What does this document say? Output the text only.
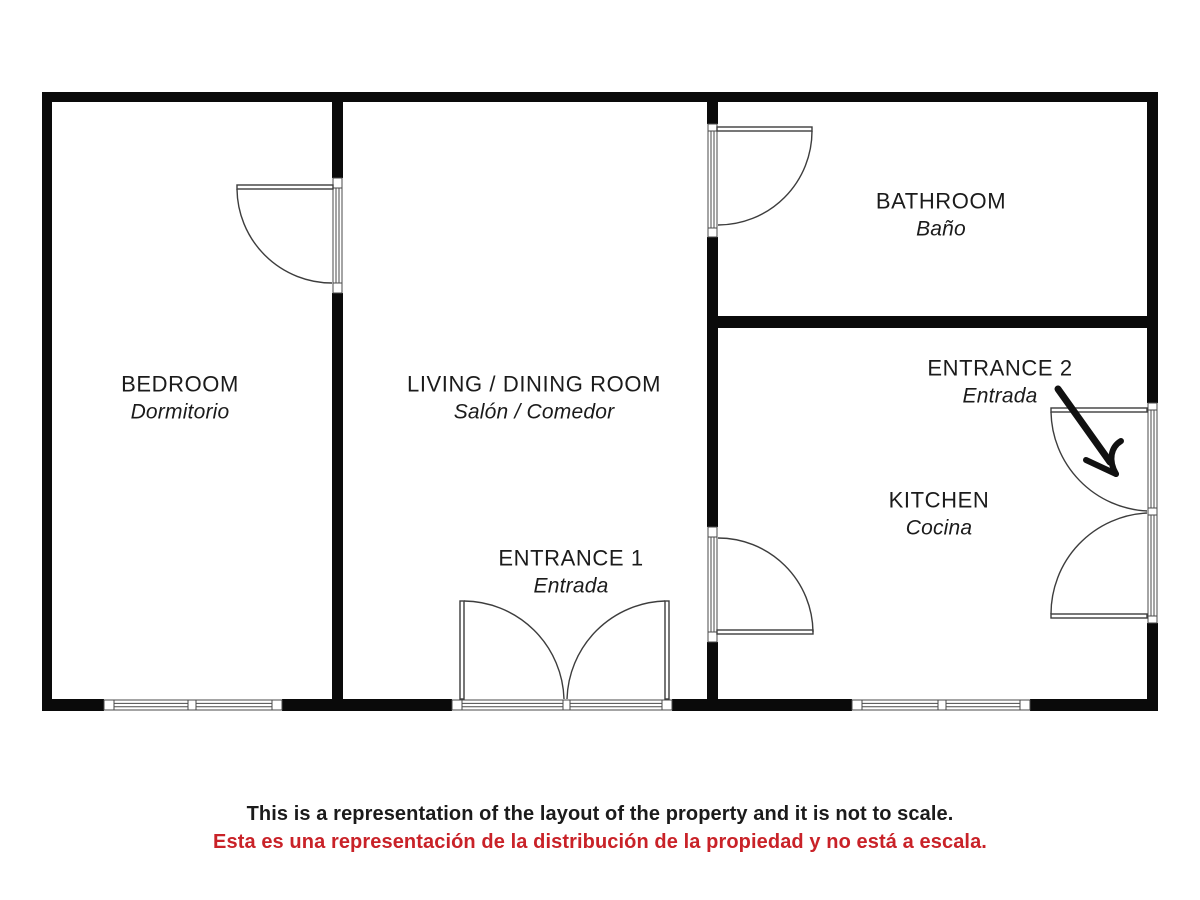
BEDROOM
Dormitorio
LIVING / DINING ROOM
Salón / Comedor
BATHROOM
Baño
KITCHEN
Cocina
ENTRANCE 1
Entrada
ENTRANCE 2
Entrada
This is a representation of the layout of the property and it is not to scale.
Esta es una representación de la distribución de la propiedad y no está a escala.
